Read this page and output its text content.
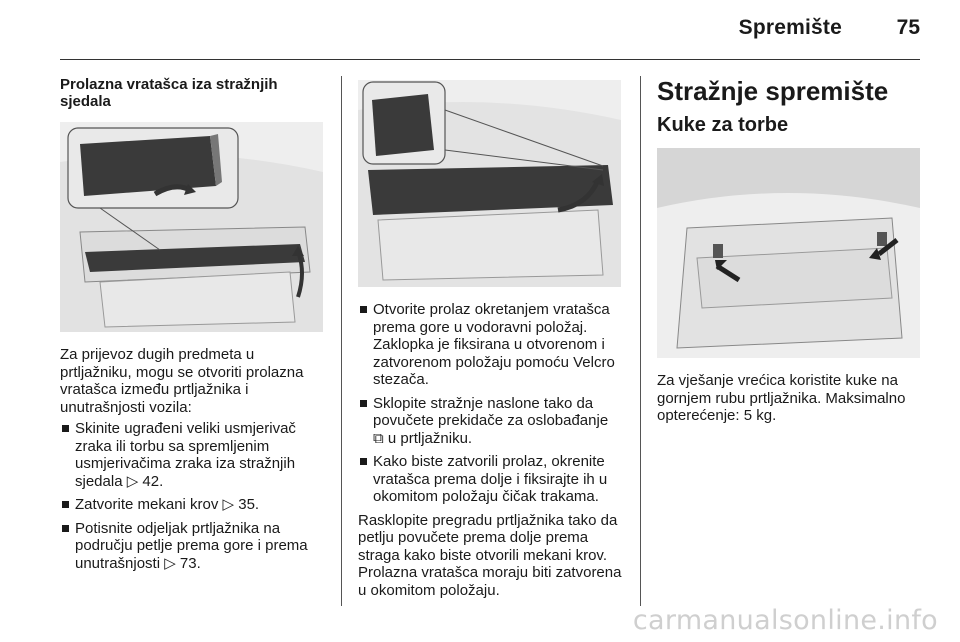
Spremište	75
Prolazna vratašca iza stražnjih sjedala
Za prijevoz dugih predmeta u prtljažniku, mogu se otvoriti prolazna vratašca između prtljažnika i unutrašnjosti vozila:
Skinite ugrađeni veliki usmjerivač zraka ili torbu sa spremljenim usmjerivačima zraka iza stražnjih sjedala ▷ 42.
Zatvorite mekani krov ▷ 35.
Potisnite odjeljak prtljažnika na području petlje prema gore i prema unutrašnjosti ▷ 73.
Otvorite prolaz okretanjem vratašca prema gore u vodoravni položaj. Zaklopka je fiksirana u otvorenom i zatvorenom položaju pomoću Velcro stezača.
Sklopite stražnje naslone tako da povučete prekidače za oslobađanje ⧉ u prtljažniku.
Kako biste zatvorili prolaz, okrenite vratašca prema dolje i fiksirajte ih u okomitom položaju čičak trakama.
Rasklopite pregradu prtljažnika tako da petlju povučete prema dolje prema straga kako biste otvorili mekani krov. Prolazna vratašca moraju biti zatvorena u okomitom položaju.
Stražnje spremište
Kuke za torbe
Za vješanje vrećica koristite kuke na gornjem rubu prtljažnika. Maksimalno opterećenje: 5 kg.
carmanualsonline.info
